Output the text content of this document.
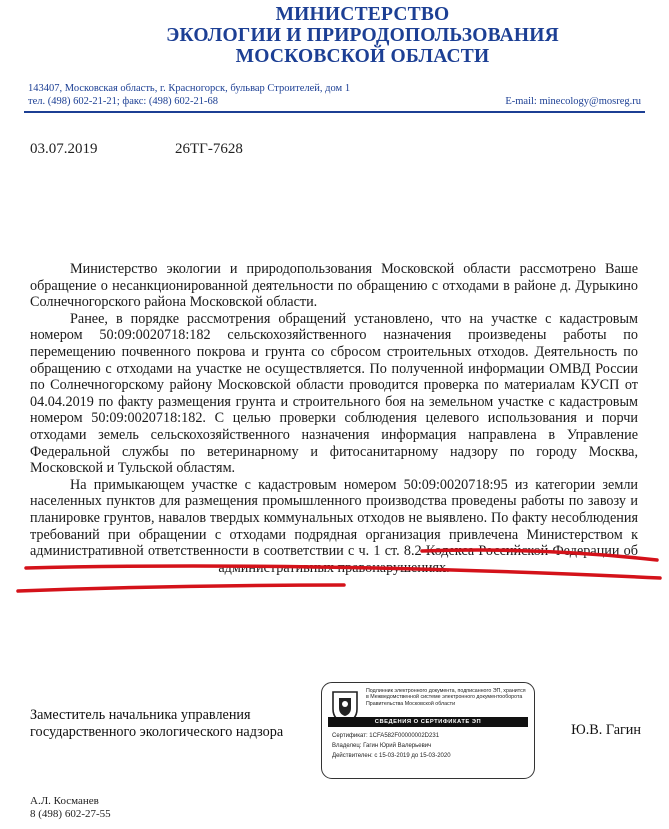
МИНИСТЕРСТВО
ЭКОЛОГИИ И ПРИРОДОПОЛЬЗОВАНИЯ
МОСКОВСКОЙ ОБЛАСТИ
143407, Московская область, г. Красногорск, бульвар Строителей, дом 1
тел. (498) 602-21-21; факс: (498) 602-21-68	E-mail: minecology@mosreg.ru
03.07.2019	26ТГ-7628

Министерство экологии и природопользования Московской области рассмотрено Ваше обращение о несанкционированной деятельности по обращению с отходами в районе д. Дурыкино Солнечногорского района Московской области.

Ранее, в порядке рассмотрения обращений установлено, что на участке с кадастровым номером 50:09:0020718:182 сельскохозяйственного назначения произведены работы по перемещению почвенного покрова и грунта со сбросом строительных отходов. Деятельность по обращению с отходами на участке не осуществляется. По полученной информации ОМВД России по Солнечногорскому району Московской области проводится проверка по материалам КУСП от 04.04.2019 по факту размещения грунта и строительного боя на земельном участке с кадастровым номером 50:09:0020718:182. С целью проверки соблюдения целевого использования и порчи отходами земель сельскохозяйственного назначения информация направлена в Управление Федеральной службы по ветеринарному и фитосанитарному надзору по городу Москва, Московской и Тульской областям.

На примыкающем участке с кадастровым номером 50:09:0020718:95 из категории земли населенных пунктов для размещения промышленного производства проведены работы по завозу и планировке грунтов, навалов твердых коммунальных отходов не выявлено. По факту несоблюдения требований при обращении с отходами подрядная организация привлечена Министерством к административной ответственности в соответствии с ч. 1 ст. 8.2 Кодекса Российской Федерации об административных правонарушениях.

Заместитель начальника управления
государственного экологического надзора	Ю.В. Гагин
Подлинник электронного документа, подписанного ЭП, хранится в Межведомственной системе электронного документооборота Правительства Московской области
СВЕДЕНИЯ О СЕРТИФИКАТЕ ЭП
Сертификат: 1CFA582F00000002D231
Владелец: Гагин Юрий Валерьевич
Действителен: с 15-03-2019 до 15-03-2020
А.Л. Косманев
8 (498) 602-27-55
